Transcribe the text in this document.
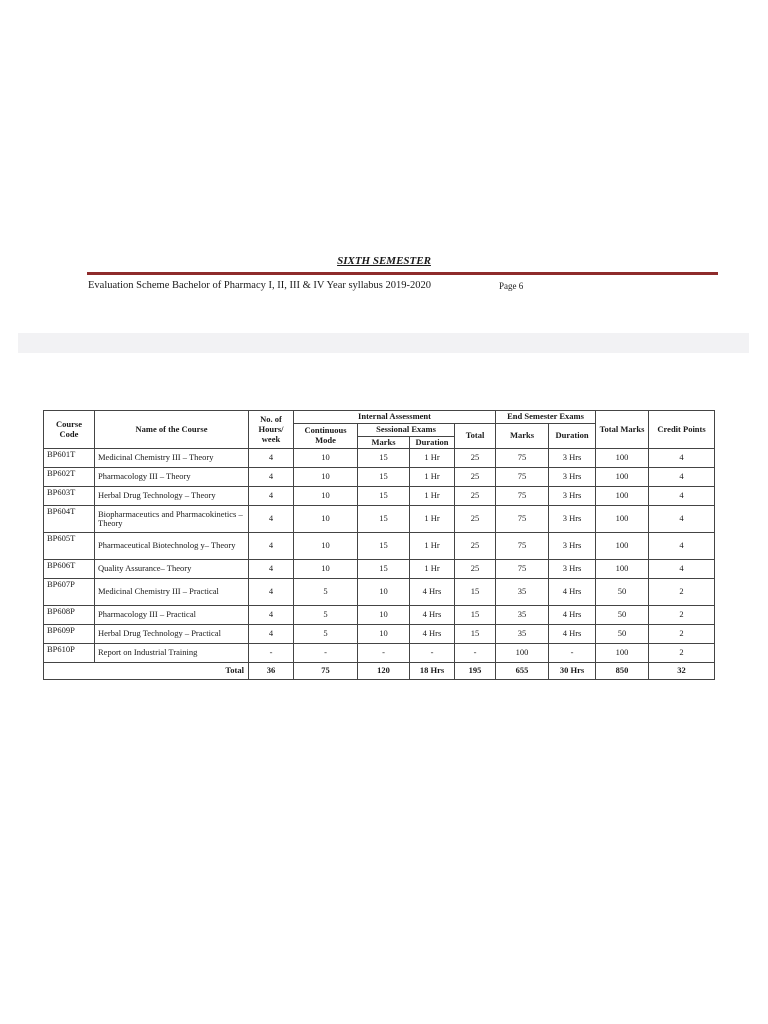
SIXTH SEMESTER
Evaluation Scheme Bachelor of Pharmacy I, II, III & IV Year syllabus 2019-2020	Page 6
Course Code	Name of the Course	No. of Hours/ week	Internal Assessment				End Semester Exams		Total Marks	Credit Points
			Continuous Mode	Sessional Exams		Total	Marks	Duration		
				Marks	Duration					
BP601T	Medicinal Chemistry III – Theory	4	10	15	1 Hr	25	75	3 Hrs	100	4
BP602T	Pharmacology III – Theory	4	10	15	1 Hr	25	75	3 Hrs	100	4
BP603T	Herbal Drug Technology – Theory	4	10	15	1 Hr	25	75	3 Hrs	100	4
BP604T	Biopharmaceutics and Pharmacokinetics – Theory	4	10	15	1 Hr	25	75	3 Hrs	100	4
BP605T	Pharmaceutical Biotechnolog y– Theory	4	10	15	1 Hr	25	75	3 Hrs	100	4
BP606T	Quality Assurance– Theory	4	10	15	1 Hr	25	75	3 Hrs	100	4
BP607P	Medicinal Chemistry III – Practical	4	5	10	4 Hrs	15	35	4 Hrs	50	2
BP608P	Pharmacology III – Practical	4	5	10	4 Hrs	15	35	4 Hrs	50	2
BP609P	Herbal Drug Technology – Practical	4	5	10	4 Hrs	15	35	4 Hrs	50	2
BP610P	Report on Industrial Training	-	-	-	-	-	100	-	100	2
Total		36	75	120	18 Hrs	195	655	30 Hrs	850	32
